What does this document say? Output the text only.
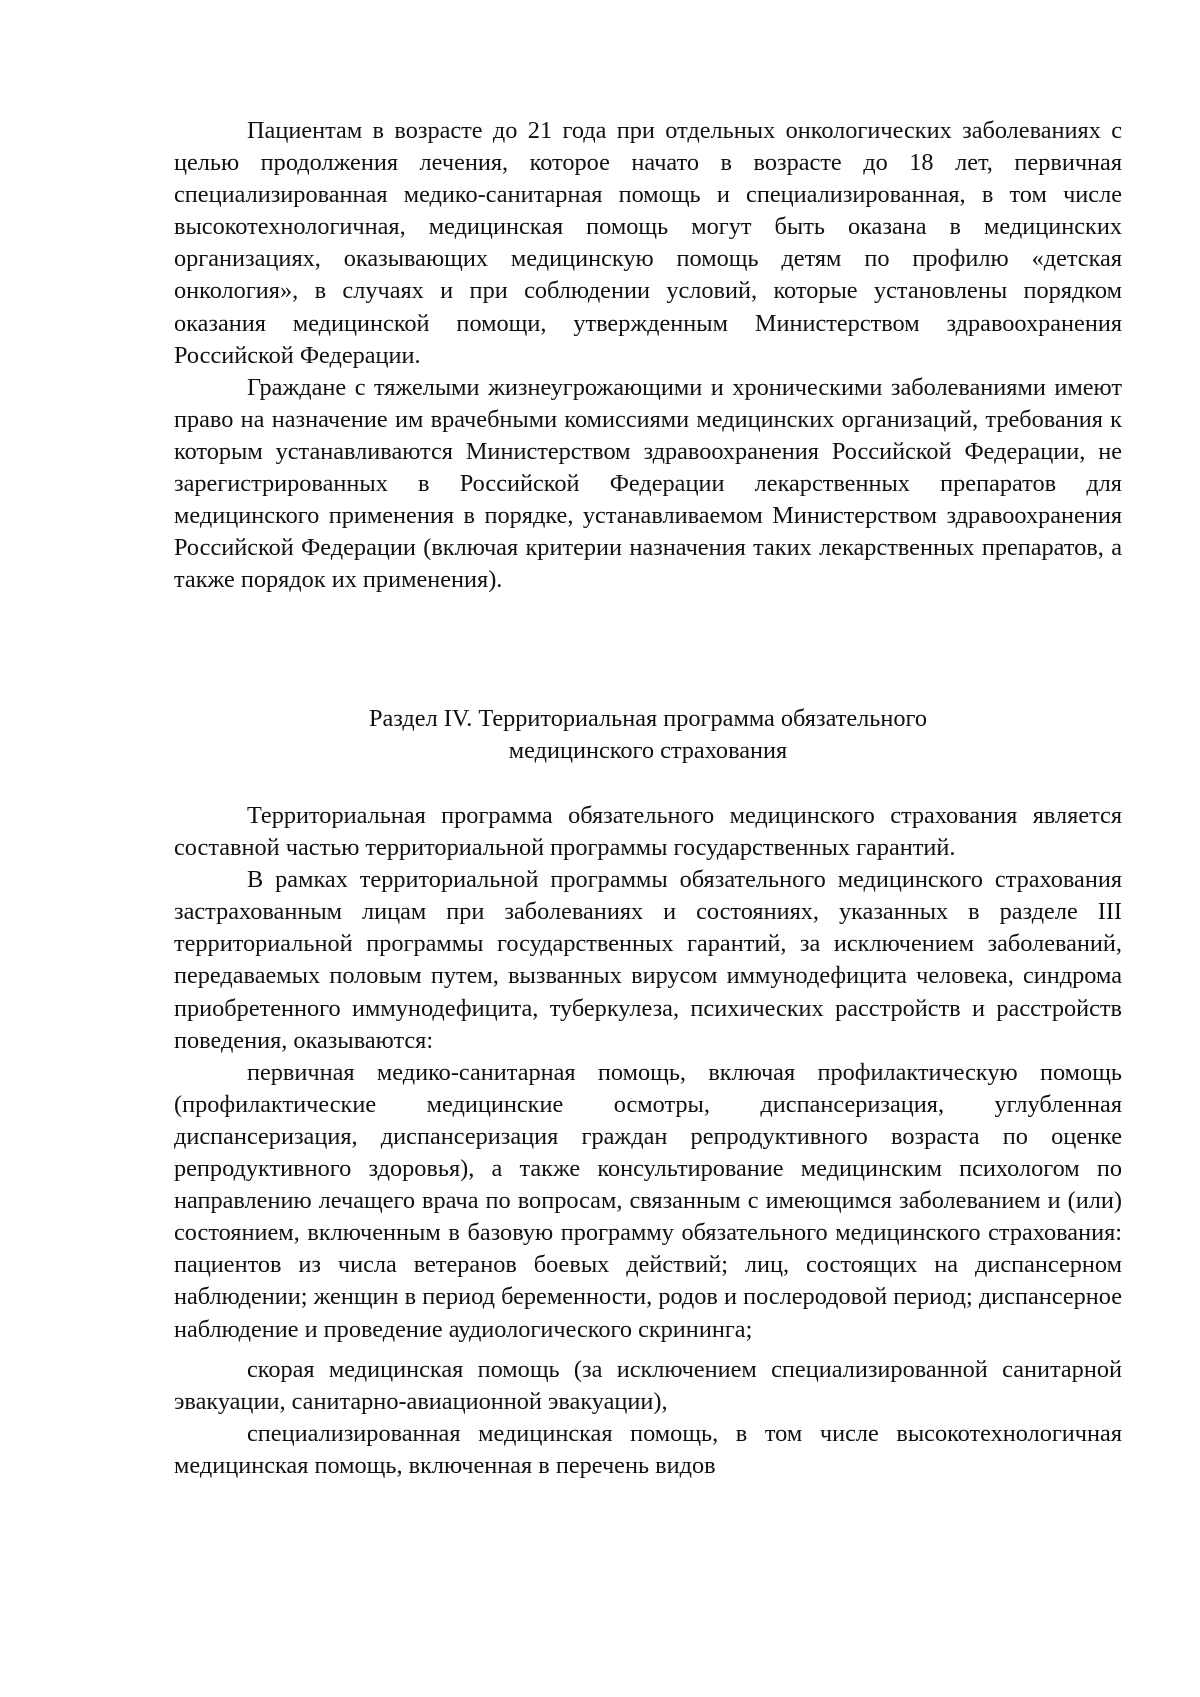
Пациентам в возрасте до 21 года при отдельных онкологических заболеваниях с целью продолжения лечения, которое начато в возрасте до 18 лет, первичная специализированная медико-санитарная помощь и специализированная, в том числе высокотехнологичная, медицинская помощь могут быть оказана в медицинских организациях, оказывающих медицинскую помощь детям по профилю «детская онкология», в случаях и при соблюдении условий, которые установлены порядком оказания медицинской помощи, утвержденным Министерством здравоохранения Российской Федерации.

Граждане с тяжелыми жизнеугрожающими и хроническими заболеваниями имеют право на назначение им врачебными комиссиями медицинских организаций, требования к которым устанавливаются Министерством здравоохранения Российской Федерации, не зарегистрированных в Российской Федерации лекарственных препаратов для медицинского применения в порядке, устанавливаемом Министерством здравоохранения Российской Федерации (включая критерии назначения таких лекарственных препаратов, а также порядок их применения).

Раздел IV. Территориальная программа обязательного
медицинского страхования

Территориальная программа обязательного медицинского страхования является составной частью территориальной программы государственных гарантий.

В рамках территориальной программы обязательного медицинского страхования застрахованным лицам при заболеваниях и состояниях, указанных в разделе III территориальной программы государственных гарантий, за исключением заболеваний, передаваемых половым путем, вызванных вирусом иммунодефицита человека, синдрома приобретенного иммунодефицита, туберкулеза, психических расстройств и расстройств поведения, оказываются:

первичная медико-санитарная помощь, включая профилактическую помощь (профилактические медицинские осмотры, диспансеризация, углубленная диспансеризация, диспансеризация граждан репродуктивного возраста по оценке репродуктивного здоровья), а также консультирование медицинским психологом по направлению лечащего врача по вопросам, связанным с имеющимся заболеванием и (или) состоянием, включенным в базовую программу обязательного медицинского страхования: пациентов из числа ветеранов боевых действий; лиц, состоящих на диспансерном наблюдении; женщин в период беременности, родов и послеродовой период; диспансерное наблюдение и проведение аудиологического скрининга;

скорая медицинская помощь (за исключением специализированной санитарной эвакуации, санитарно-авиационной эвакуации),

специализированная медицинская помощь, в том числе высокотехнологичная медицинская помощь, включенная в перечень видов
